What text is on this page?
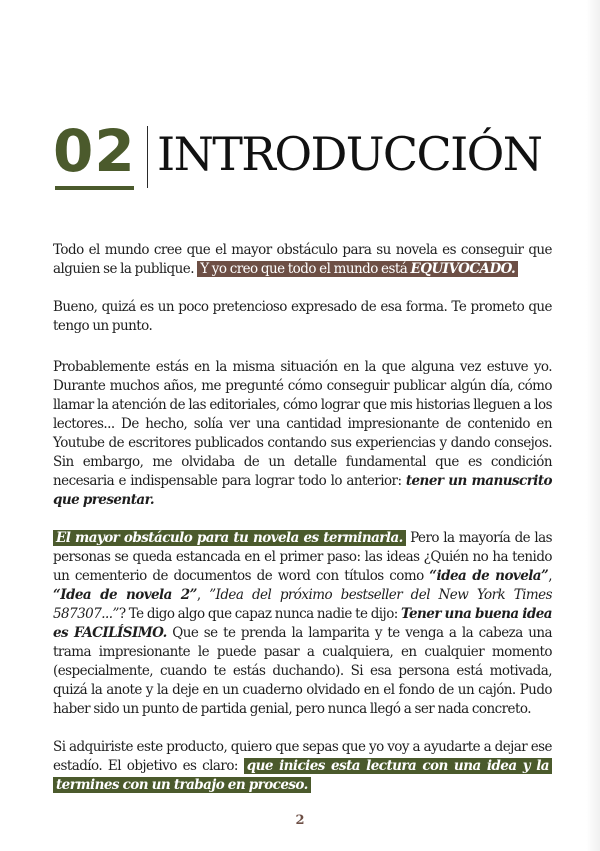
02 INTRODUCCIÓN

Todo el mundo cree que el mayor obstáculo para su novela es conseguir que alguien se la publique. Y yo creo que todo el mundo está EQUIVOCADO.

Bueno, quizá es un poco pretencioso expresado de esa forma. Te prometo que tengo un punto.

Probablemente estás en la misma situación en la que alguna vez estuve yo. Durante muchos años, me pregunté cómo conseguir publicar algún día, cómo llamar la atención de las editoriales, cómo lograr que mis historias lleguen a los lectores... De hecho, solía ver una cantidad impresionante de contenido en Youtube de escritores publicados contando sus experiencias y dando consejos. Sin embargo, me olvidaba de un detalle fundamental que es condición necesaria e indispensable para lograr todo lo anterior: tener un manuscrito que presentar.

El mayor obstáculo para tu novela es terminarla. Pero la mayoría de las personas se queda estancada en el primer paso: las ideas ¿Quién no ha tenido un cementerio de documentos de word con títulos como “idea de novela”, “Idea de novela 2”, ”Idea del próximo bestseller del New York Times 587307...”? Te digo algo que capaz nunca nadie te dijo: Tener una buena idea es FACILÍSIMO. Que se te prenda la lamparita y te venga a la cabeza una trama impresionante le puede pasar a cualquiera, en cualquier momento (especialmente, cuando te estás duchando). Si esa persona está motivada, quizá la anote y la deje en un cuaderno olvidado en el fondo de un cajón. Pudo haber sido un punto de partida genial, pero nunca llegó a ser nada concreto.

Si adquiriste este producto, quiero que sepas que yo voy a ayudarte a dejar ese estadío. El objetivo es claro: que inicies esta lectura con una idea y la termines con un trabajo en proceso.

2
